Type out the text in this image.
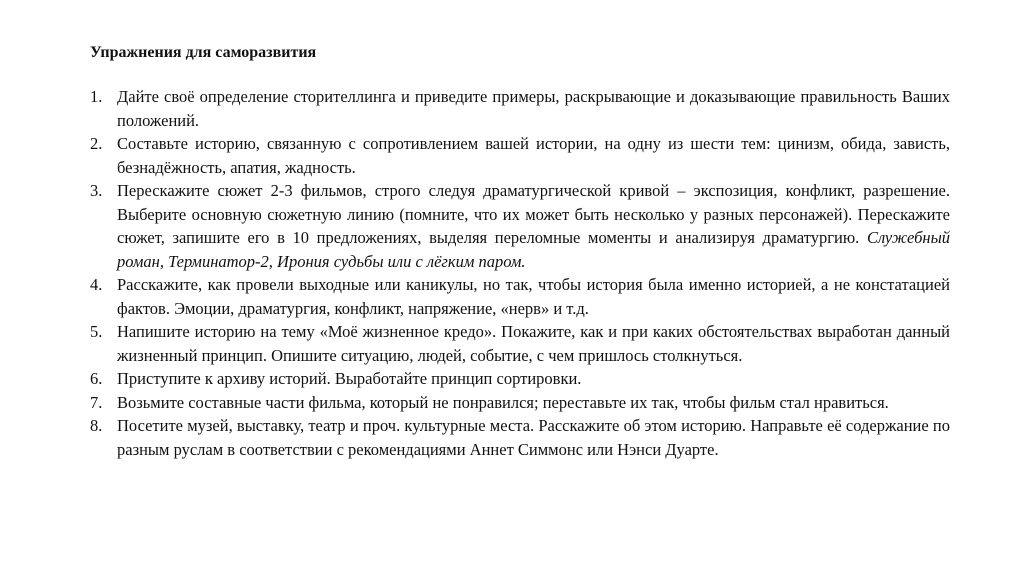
Упражнения для саморазвития
1. Дайте своё определение сторителлинга и приведите примеры, раскрывающие и доказывающие правильность Ваших положений.
2. Составьте историю, связанную с сопротивлением вашей истории, на одну из шести тем: цинизм, обида, зависть, безнадёжность, апатия, жадность.
3. Перескажите сюжет 2-3 фильмов, строго следуя драматургической кривой – экспозиция, конфликт, разрешение. Выберите основную сюжетную линию (помните, что их может быть несколько у разных персонажей). Перескажите сюжет, запишите его в 10 предложениях, выделяя переломные моменты и анализируя драматургию. Служебный роман, Терминатор-2, Ирония судьбы или с лёгким паром.
4. Расскажите, как провели выходные или каникулы, но так, чтобы история была именно историей, а не констатацией фактов. Эмоции, драматургия, конфликт, напряжение, «нерв» и т.д.
5. Напишите историю на тему «Моё жизненное кредо». Покажите, как и при каких обстоятельствах выработан данный жизненный принцип. Опишите ситуацию, людей, событие, с чем пришлось столкнуться.
6. Приступите к архиву историй. Выработайте принцип сортировки.
7. Возьмите составные части фильма, который не понравился; переставьте их так, чтобы фильм стал нравиться.
8. Посетите музей, выставку, театр и проч. культурные места. Расскажите об этом историю. Направьте её содержание по разным руслам в соответствии с рекомендациями Аннет Симмонс или Нэнси Дуарте.
